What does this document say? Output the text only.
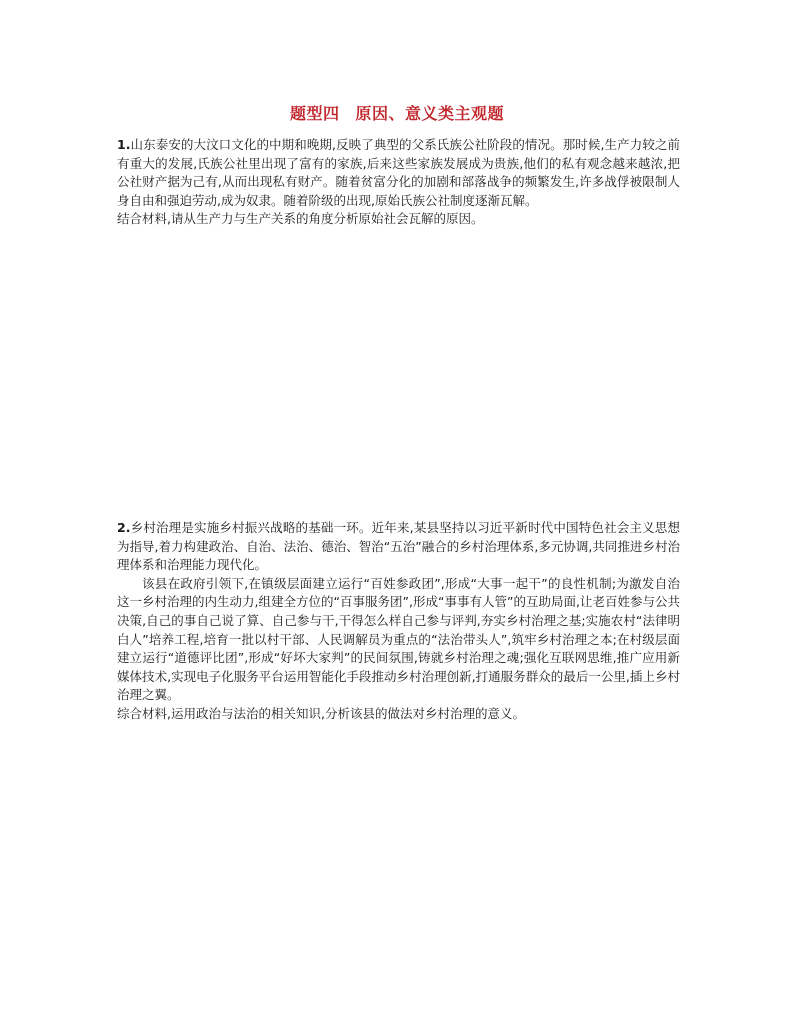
题型四 原因、意义类主观题

1.山东泰安的大汶口文化的中期和晚期,反映了典型的父系氏族公社阶段的情况。那时候,生产力较之前有重大的发展,氏族公社里出现了富有的家族,后来这些家族发展成为贵族,他们的私有观念越来越浓,把公社财产据为己有,从而出现私有财产。随着贫富分化的加剧和部落战争的频繁发生,许多战俘被限制人身自由和强迫劳动,成为奴隶。随着阶级的出现,原始氏族公社制度逐渐瓦解。

结合材料,请从生产力与生产关系的角度分析原始社会瓦解的原因。

2.乡村治理是实施乡村振兴战略的基础一环。近年来,某县坚持以习近平新时代中国特色社会主义思想为指导,着力构建政治、自治、法治、德治、智治“五治”融合的乡村治理体系,多元协调,共同推进乡村治理体系和治理能力现代化。

该县在政府引领下,在镇级层面建立运行“百姓参政团”,形成“大事一起干”的良性机制;为激发自治这一乡村治理的内生动力,组建全方位的“百事服务团”,形成“事事有人管”的互助局面,让老百姓参与公共决策,自己的事自己说了算、自己参与干,干得怎么样自己参与评判,夯实乡村治理之基;实施农村“法律明白人”培养工程,培育一批以村干部、人民调解员为重点的“法治带头人”,筑牢乡村治理之本;在村级层面建立运行“道德评比团”,形成“好坏大家判”的民间氛围,铸就乡村治理之魂;强化互联网思维,推广应用新媒体技术,实现电子化服务平台运用智能化手段推动乡村治理创新,打通服务群众的最后一公里,插上乡村治理之翼。

综合材料,运用政治与法治的相关知识,分析该县的做法对乡村治理的意义。
